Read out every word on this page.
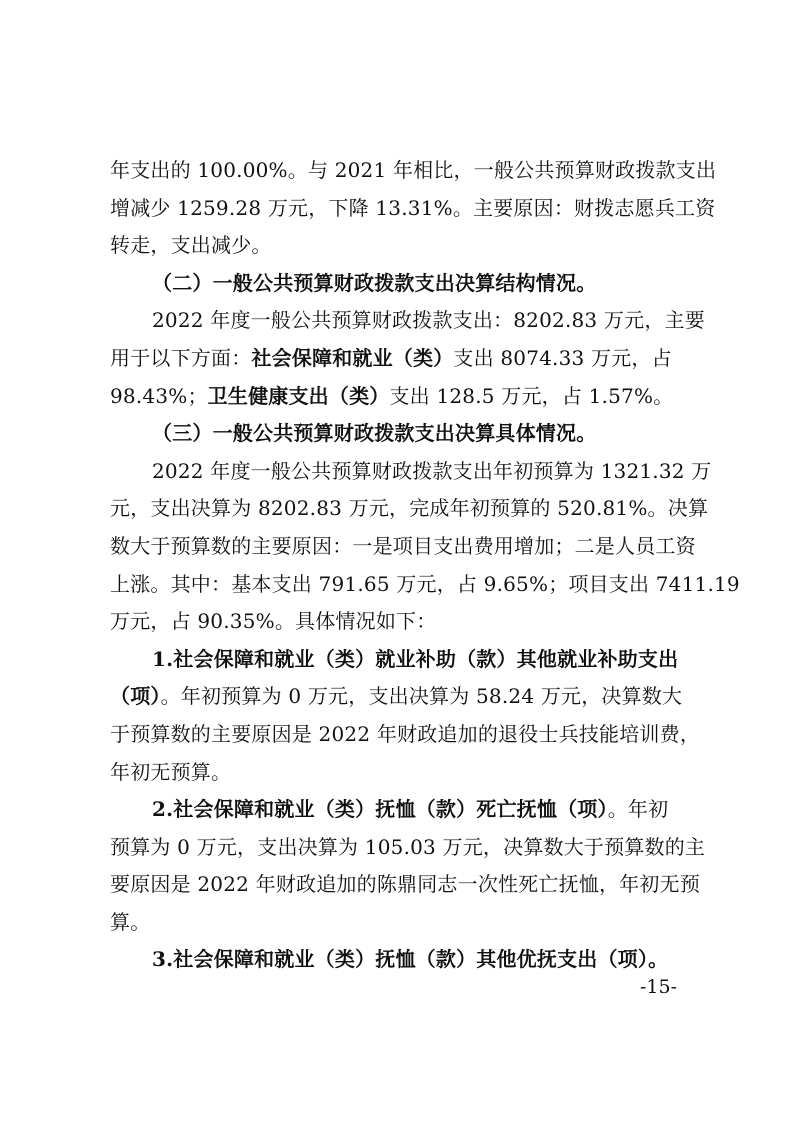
年支出的 100.00%。与 2021 年相比，一般公共预算财政拨款支出
增减少 1259.28 万元，下降 13.31%。主要原因：财拨志愿兵工资
转走，支出减少。
（二）一般公共预算财政拨款支出决算结构情况。
2022 年度一般公共预算财政拨款支出：8202.83 万元，主要
用于以下方面：社会保障和就业（类）支出 8074.33 万元，占
98.43%；卫生健康支出（类）支出 128.5 万元，占 1.57%。
（三）一般公共预算财政拨款支出决算具体情况。
2022 年度一般公共预算财政拨款支出年初预算为 1321.32 万
元，支出决算为 8202.83 万元，完成年初预算的 520.81%。决算
数大于预算数的主要原因：一是项目支出费用增加；二是人员工资
上涨。其中：基本支出 791.65 万元，占 9.65%；项目支出 7411.19
万元，占 90.35%。具体情况如下：
1.社会保障和就业（类）就业补助（款）其他就业补助支出
（项）。年初预算为 0 万元，支出决算为 58.24 万元，决算数大
于预算数的主要原因是 2022 年财政追加的退役士兵技能培训费，
年初无预算。
2.社会保障和就业（类）抚恤（款）死亡抚恤（项）。年初
预算为 0 万元，支出决算为 105.03 万元，决算数大于预算数的主
要原因是 2022 年财政追加的陈鼎同志一次性死亡抚恤，年初无预
算。
3.社会保障和就业（类）抚恤（款）其他优抚支出（项）。
-15-
